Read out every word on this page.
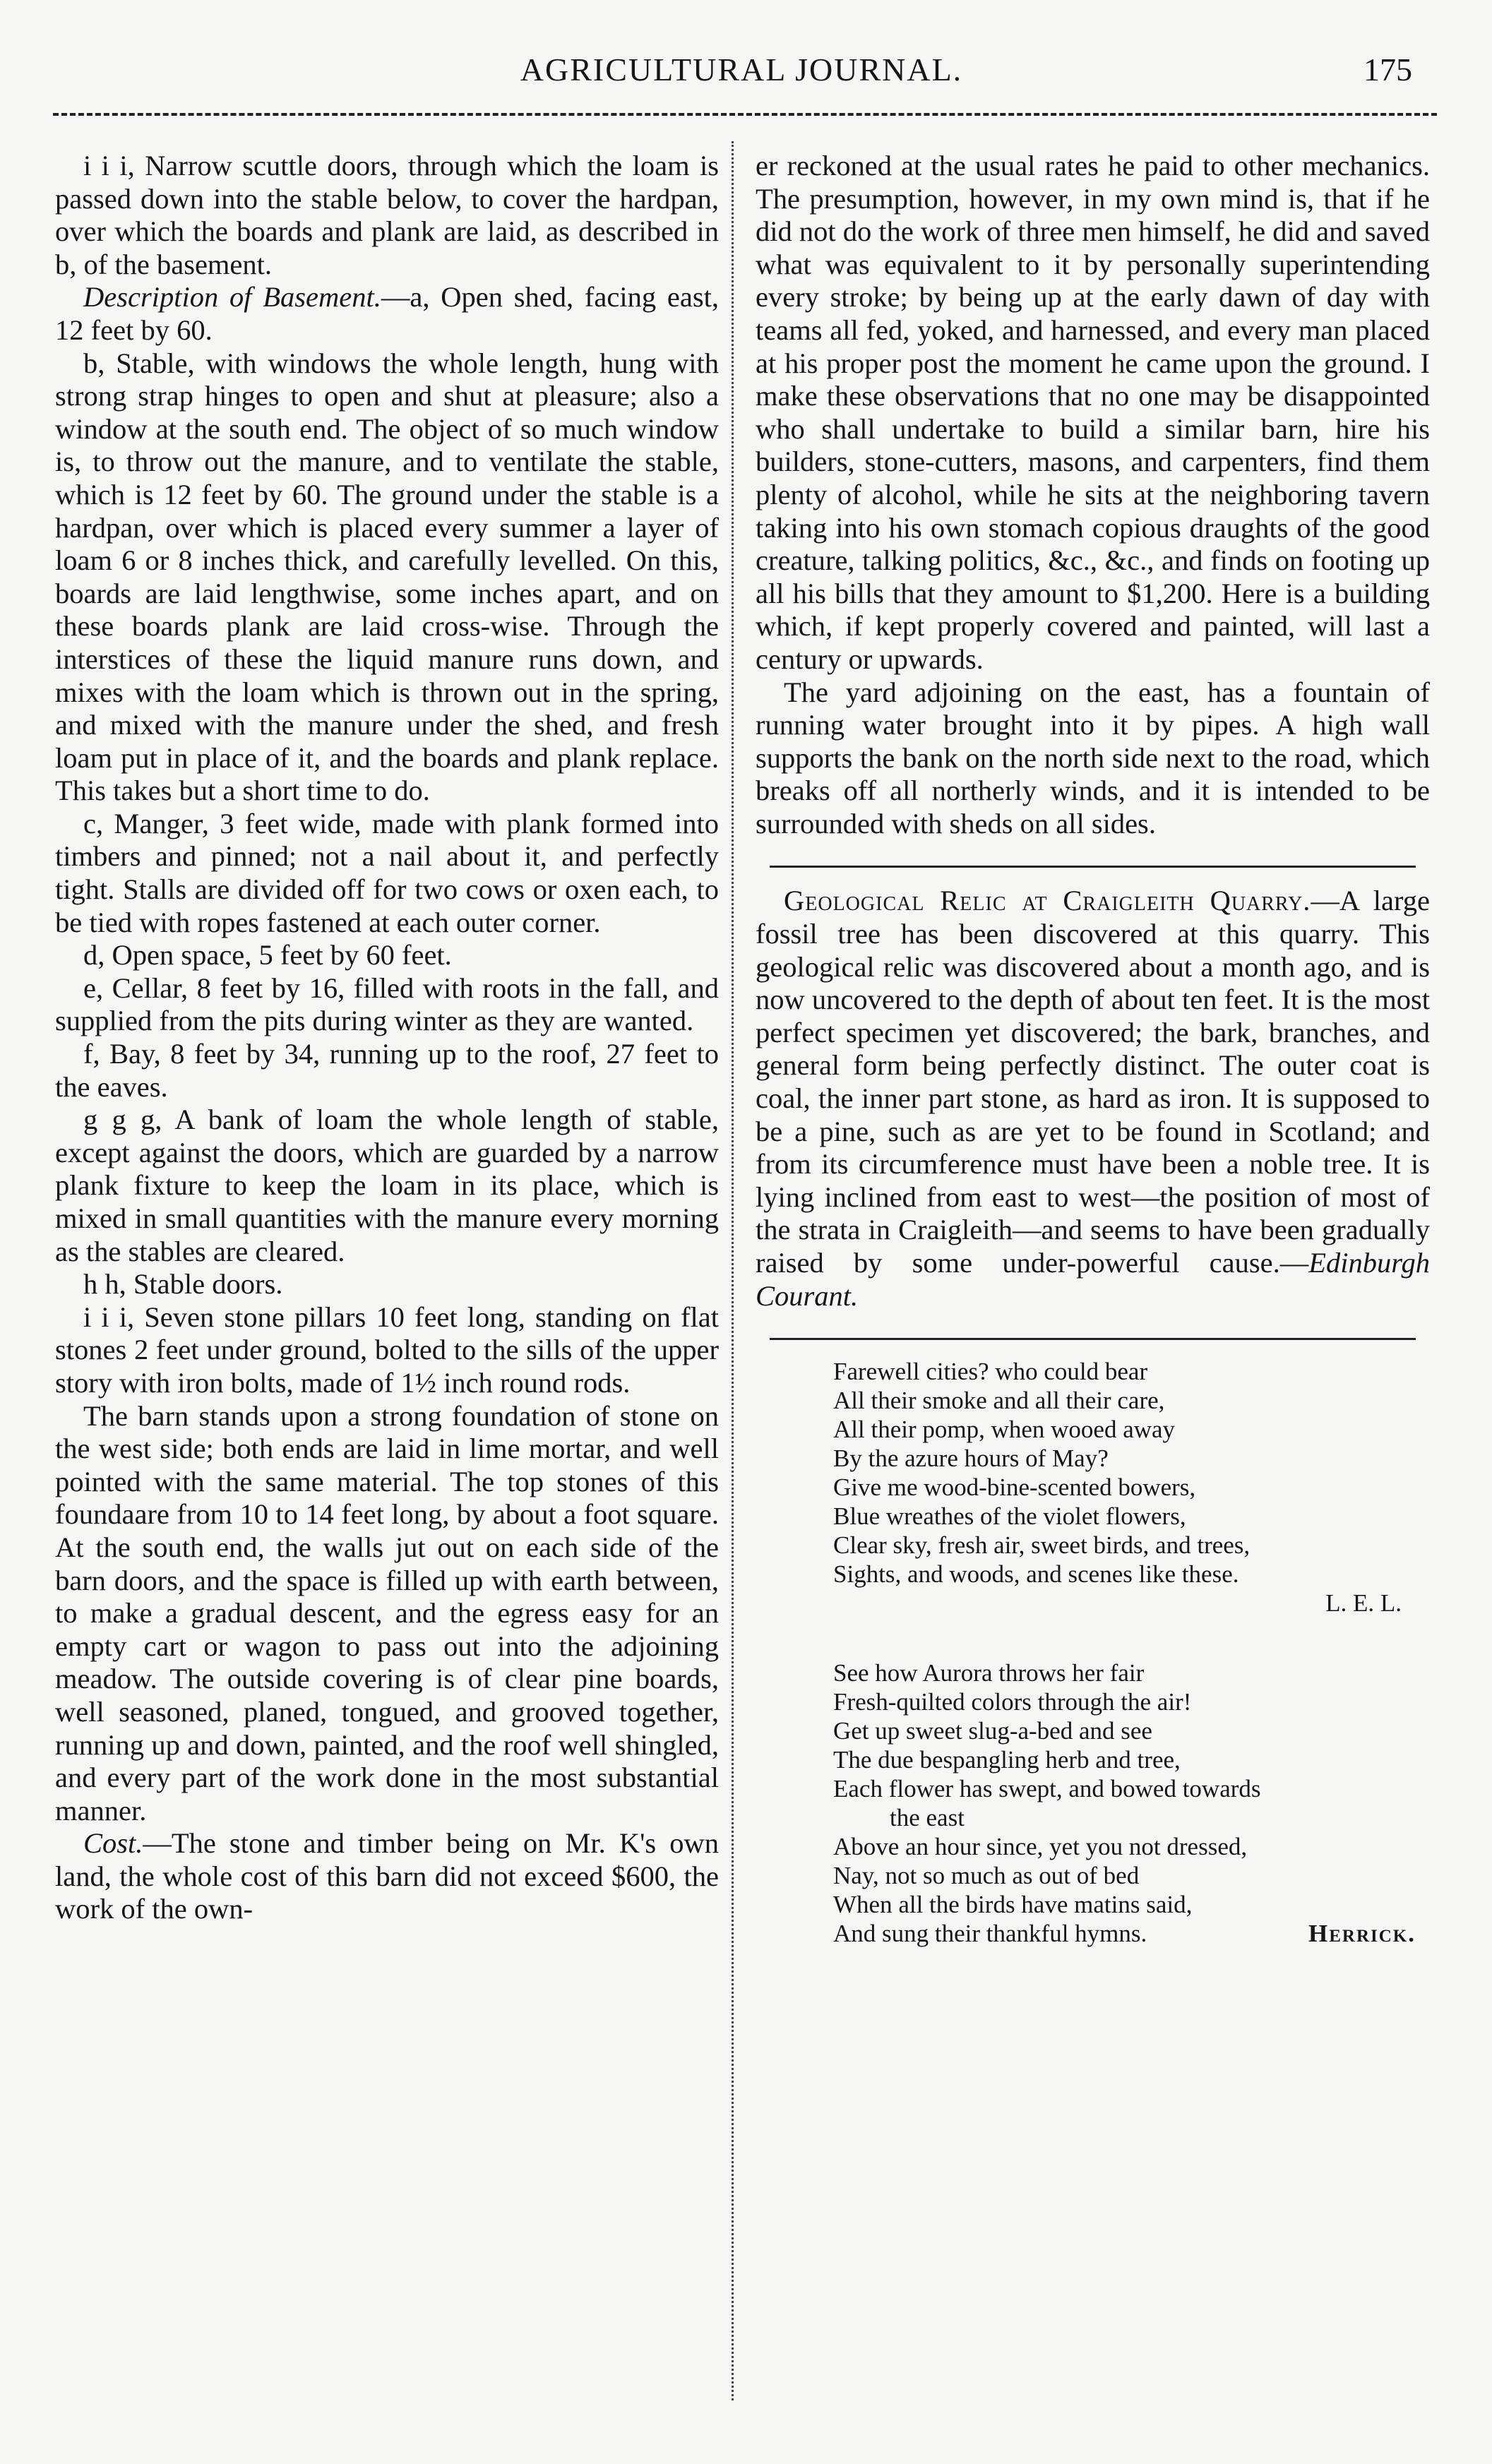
AGRICULTURAL JOURNAL.	175

i i i, Narrow scuttle doors, through which the loam is passed down into the stable below, to cover the hardpan, over which the boards and plank are laid, as described in b, of the basement.

Description of Basement.—a, Open shed, facing east, 12 feet by 60.

b, Stable, with windows the whole length, hung with strong strap hinges to open and shut at pleasure; also a window at the south end. The object of so much window is, to throw out the manure, and to ventilate the stable, which is 12 feet by 60. The ground under the stable is a hardpan, over which is placed every summer a layer of loam 6 or 8 inches thick, and carefully levelled. On this, boards are laid lengthwise, some inches apart, and on these boards plank are laid cross-wise. Through the interstices of these the liquid manure runs down, and mixes with the loam which is thrown out in the spring, and mixed with the manure under the shed, and fresh loam put in place of it, and the boards and plank replace. This takes but a short time to do.

c, Manger, 3 feet wide, made with plank formed into timbers and pinned; not a nail about it, and perfectly tight. Stalls are divided off for two cows or oxen each, to be tied with ropes fastened at each outer corner.

d, Open space, 5 feet by 60 feet.

e, Cellar, 8 feet by 16, filled with roots in the fall, and supplied from the pits during winter as they are wanted.

f, Bay, 8 feet by 34, running up to the roof, 27 feet to the eaves.

g g g, A bank of loam the whole length of stable, except against the doors, which are guarded by a narrow plank fixture to keep the loam in its place, which is mixed in small quantities with the manure every morning as the stables are cleared.

h h, Stable doors.

i i i, Seven stone pillars 10 feet long, standing on flat stones 2 feet under ground, bolted to the sills of the upper story with iron bolts, made of 1½ inch round rods.

The barn stands upon a strong foundation of stone on the west side; both ends are laid in lime mortar, and well pointed with the same material. The top stones of this foundaare from 10 to 14 feet long, by about a foot square. At the south end, the walls jut out on each side of the barn doors, and the space is filled up with earth between, to make a gradual descent, and the egress easy for an empty cart or wagon to pass out into the adjoining meadow. The outside covering is of clear pine boards, well seasoned, planed, tongued, and grooved together, running up and down, painted, and the roof well shingled, and every part of the work done in the most substantial manner.

Cost.—The stone and timber being on Mr. K's own land, the whole cost of this barn did not exceed $600, the work of the own-

er reckoned at the usual rates he paid to other mechanics. The presumption, however, in my own mind is, that if he did not do the work of three men himself, he did and saved what was equivalent to it by personally superintending every stroke; by being up at the early dawn of day with teams all fed, yoked, and harnessed, and every man placed at his proper post the moment he came upon the ground. I make these observations that no one may be disappointed who shall undertake to build a similar barn, hire his builders, stone-cutters, masons, and carpenters, find them plenty of alcohol, while he sits at the neighboring tavern taking into his own stomach copious draughts of the good creature, talking politics, &c., &c., and finds on footing up all his bills that they amount to $1,200. Here is a building which, if kept properly covered and painted, will last a century or upwards.

The yard adjoining on the east, has a fountain of running water brought into it by pipes. A high wall supports the bank on the north side next to the road, which breaks off all northerly winds, and it is intended to be surrounded with sheds on all sides.

Geological Relic at Craigleith Quarry.—A large fossil tree has been discovered at this quarry. This geological relic was discovered about a month ago, and is now uncovered to the depth of about ten feet. It is the most perfect specimen yet discovered; the bark, branches, and general form being perfectly distinct. The outer coat is coal, the inner part stone, as hard as iron. It is supposed to be a pine, such as are yet to be found in Scotland; and from its circumference must have been a noble tree. It is lying inclined from east to west—the position of most of the strata in Craigleith—and seems to have been gradually raised by some under-powerful cause.—Edinburgh Courant.

Farewell cities? who could bear

All their smoke and all their care,

All their pomp, when wooed away

By the azure hours of May?

Give me wood-bine-scented bowers,

Blue wreathes of the violet flowers,

Clear sky, fresh air, sweet birds, and trees,

Sights, and woods, and scenes like these.

L. E. L.

See how Aurora throws her fair

Fresh-quilted colors through the air!

Get up sweet slug-a-bed and see

The due bespangling herb and tree,

Each flower has swept, and bowed towards

the east

Above an hour since, yet you not dressed,

Nay, not so much as out of bed

When all the birds have matins said,

And sung their thankful hymns.	Herrick.
